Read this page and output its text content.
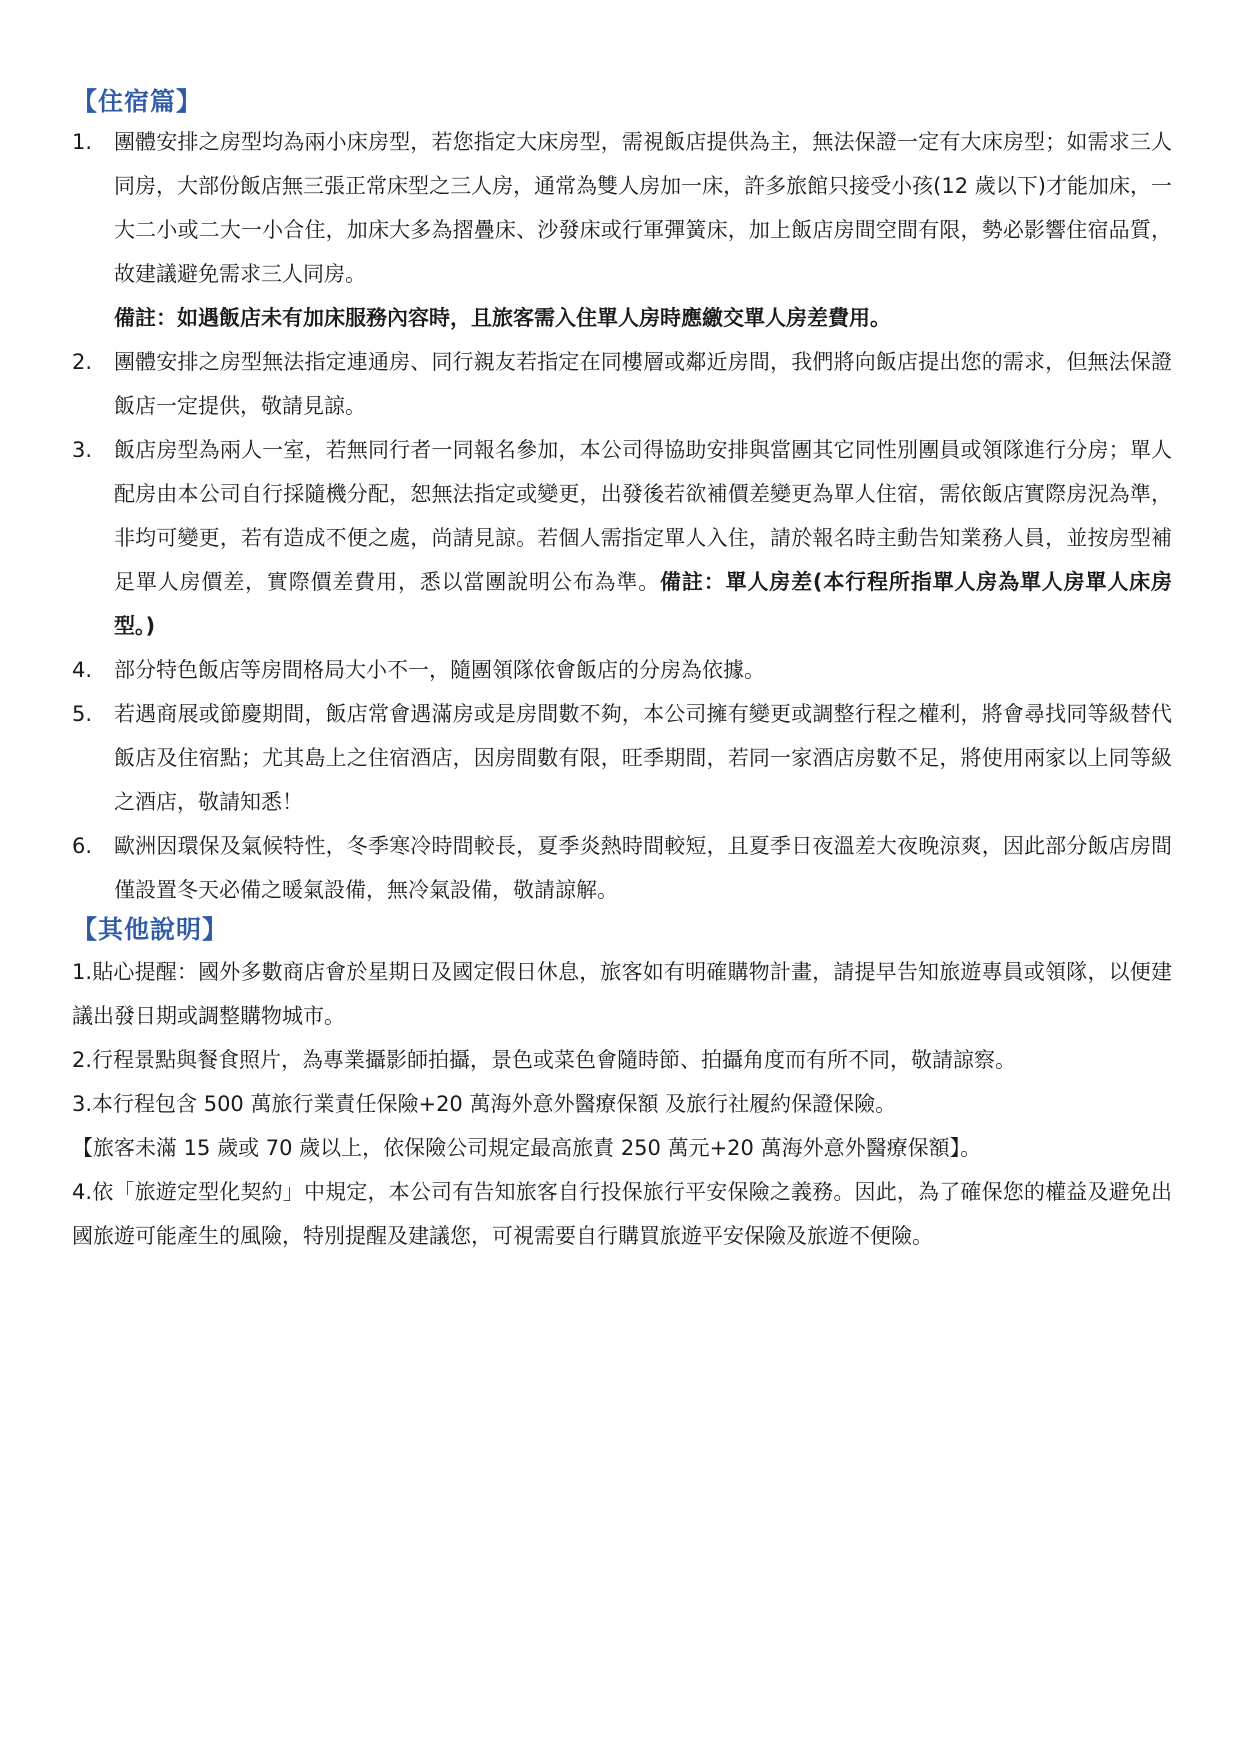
【住宿篇】
1. 團體安排之房型均為兩小床房型，若您指定大床房型，需視飯店提供為主，無法保證一定有大床房型；如需求三人同房，大部份飯店無三張正常床型之三人房，通常為雙人房加一床，許多旅館只接受小孩(12 歲以下)才能加床，一大二小或二大一小合住，加床大多為摺疊床、沙發床或行軍彈簧床，加上飯店房間空間有限，勢必影響住宿品質，故建議避免需求三人同房。
備註：如遇飯店未有加床服務內容時，且旅客需入住單人房時應繳交單人房差費用。
2. 團體安排之房型無法指定連通房、同行親友若指定在同樓層或鄰近房間，我們將向飯店提出您的需求，但無法保證飯店一定提供，敬請見諒。
3. 飯店房型為兩人一室，若無同行者一同報名參加，本公司得協助安排與當團其它同性別團員或領隊進行分房；單人配房由本公司自行採隨機分配，恕無法指定或變更，出發後若欲補價差變更為單人住宿，需依飯店實際房況為準，非均可變更，若有造成不便之處，尚請見諒。若個人需指定單人入住，請於報名時主動告知業務人員，並按房型補足單人房價差，實際價差費用，悉以當團說明公布為準。備註：單人房差(本行程所指單人房為單人房單人床房型。)
4. 部分特色飯店等房間格局大小不一，隨團領隊依會飯店的分房為依據。
5. 若遇商展或節慶期間，飯店常會遇滿房或是房間數不夠，本公司擁有變更或調整行程之權利，將會尋找同等級替代飯店及住宿點；尤其島上之住宿酒店，因房間數有限，旺季期間，若同一家酒店房數不足，將使用兩家以上同等級之酒店，敬請知悉！
6. 歐洲因環保及氣候特性，冬季寒冷時間較長，夏季炎熱時間較短，且夏季日夜溫差大夜晚涼爽，因此部分飯店房間僅設置冬天必備之暖氣設備，無冷氣設備，敬請諒解。
【其他說明】
1.貼心提醒：國外多數商店會於星期日及國定假日休息，旅客如有明確購物計畫，請提早告知旅遊專員或領隊，以便建議出發日期或調整購物城市。
2.行程景點與餐食照片，為專業攝影師拍攝，景色或菜色會隨時節、拍攝角度而有所不同，敬請諒察。
3.本行程包含 500 萬旅行業責任保險+20 萬海外意外醫療保額 及旅行社履約保證保險。
【旅客未滿 15 歲或 70 歲以上，依保險公司規定最高旅責 250 萬元+20 萬海外意外醫療保額】。
4.依「旅遊定型化契約」中規定，本公司有告知旅客自行投保旅行平安保險之義務。因此，為了確保您的權益及避免出國旅遊可能產生的風險，特別提醒及建議您，可視需要自行購買旅遊平安保險及旅遊不便險。
